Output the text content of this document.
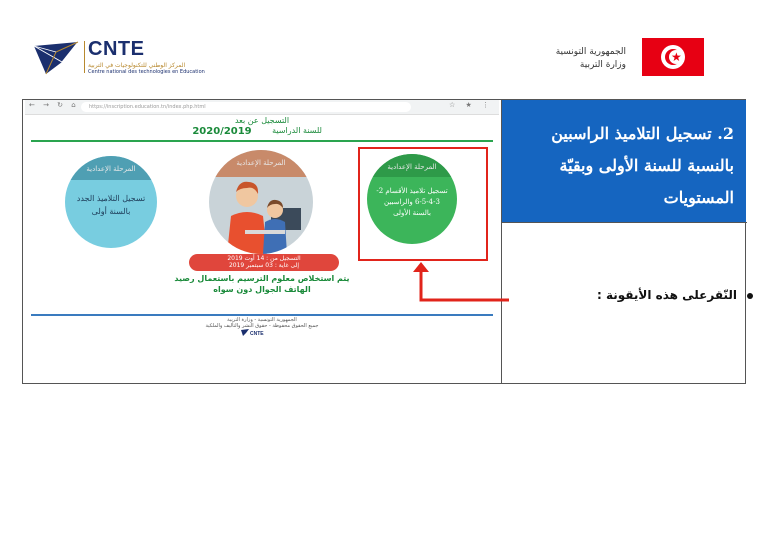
CNTE
المركز الوطني للتكنولوجيات في التربية
Centre national des technologies en Education
الجمهورية التونسية
وزارة التربية
★
← → ↻ ⌂	https://inscription.education.tn/index.php.html	☆ ★ ⋮
التسجيل عن بعد
للسنة الدراسية
2020/2019
المرحلة الإعدادية
تسجيل التلاميذ الجدد بالسنة أولى
المرحلة الإعدادية	المرحلة الإعدادية
تسجيل تلاميذ الأقسام 2-3-4-5-6 والراسبين بالسنة الأولى
التسجيل من : 14 أوت 2019
إلى غاية : 03 سبتمبر 2019
يتم استخلاص معلوم الترسيم باستعمال رصيد
الهاتف الجوال دون سواه
الجمهورية التونسية - وزارة التربية
جميع الحقوق محفوظة - حقوق النشر والتأليف والملكية
CNTE
2. تسجيل التلاميذ الراسبين بالنسبة للسنة الأولى وبقيّة المستويات
النّقرعلى هذه الأيقونة :
